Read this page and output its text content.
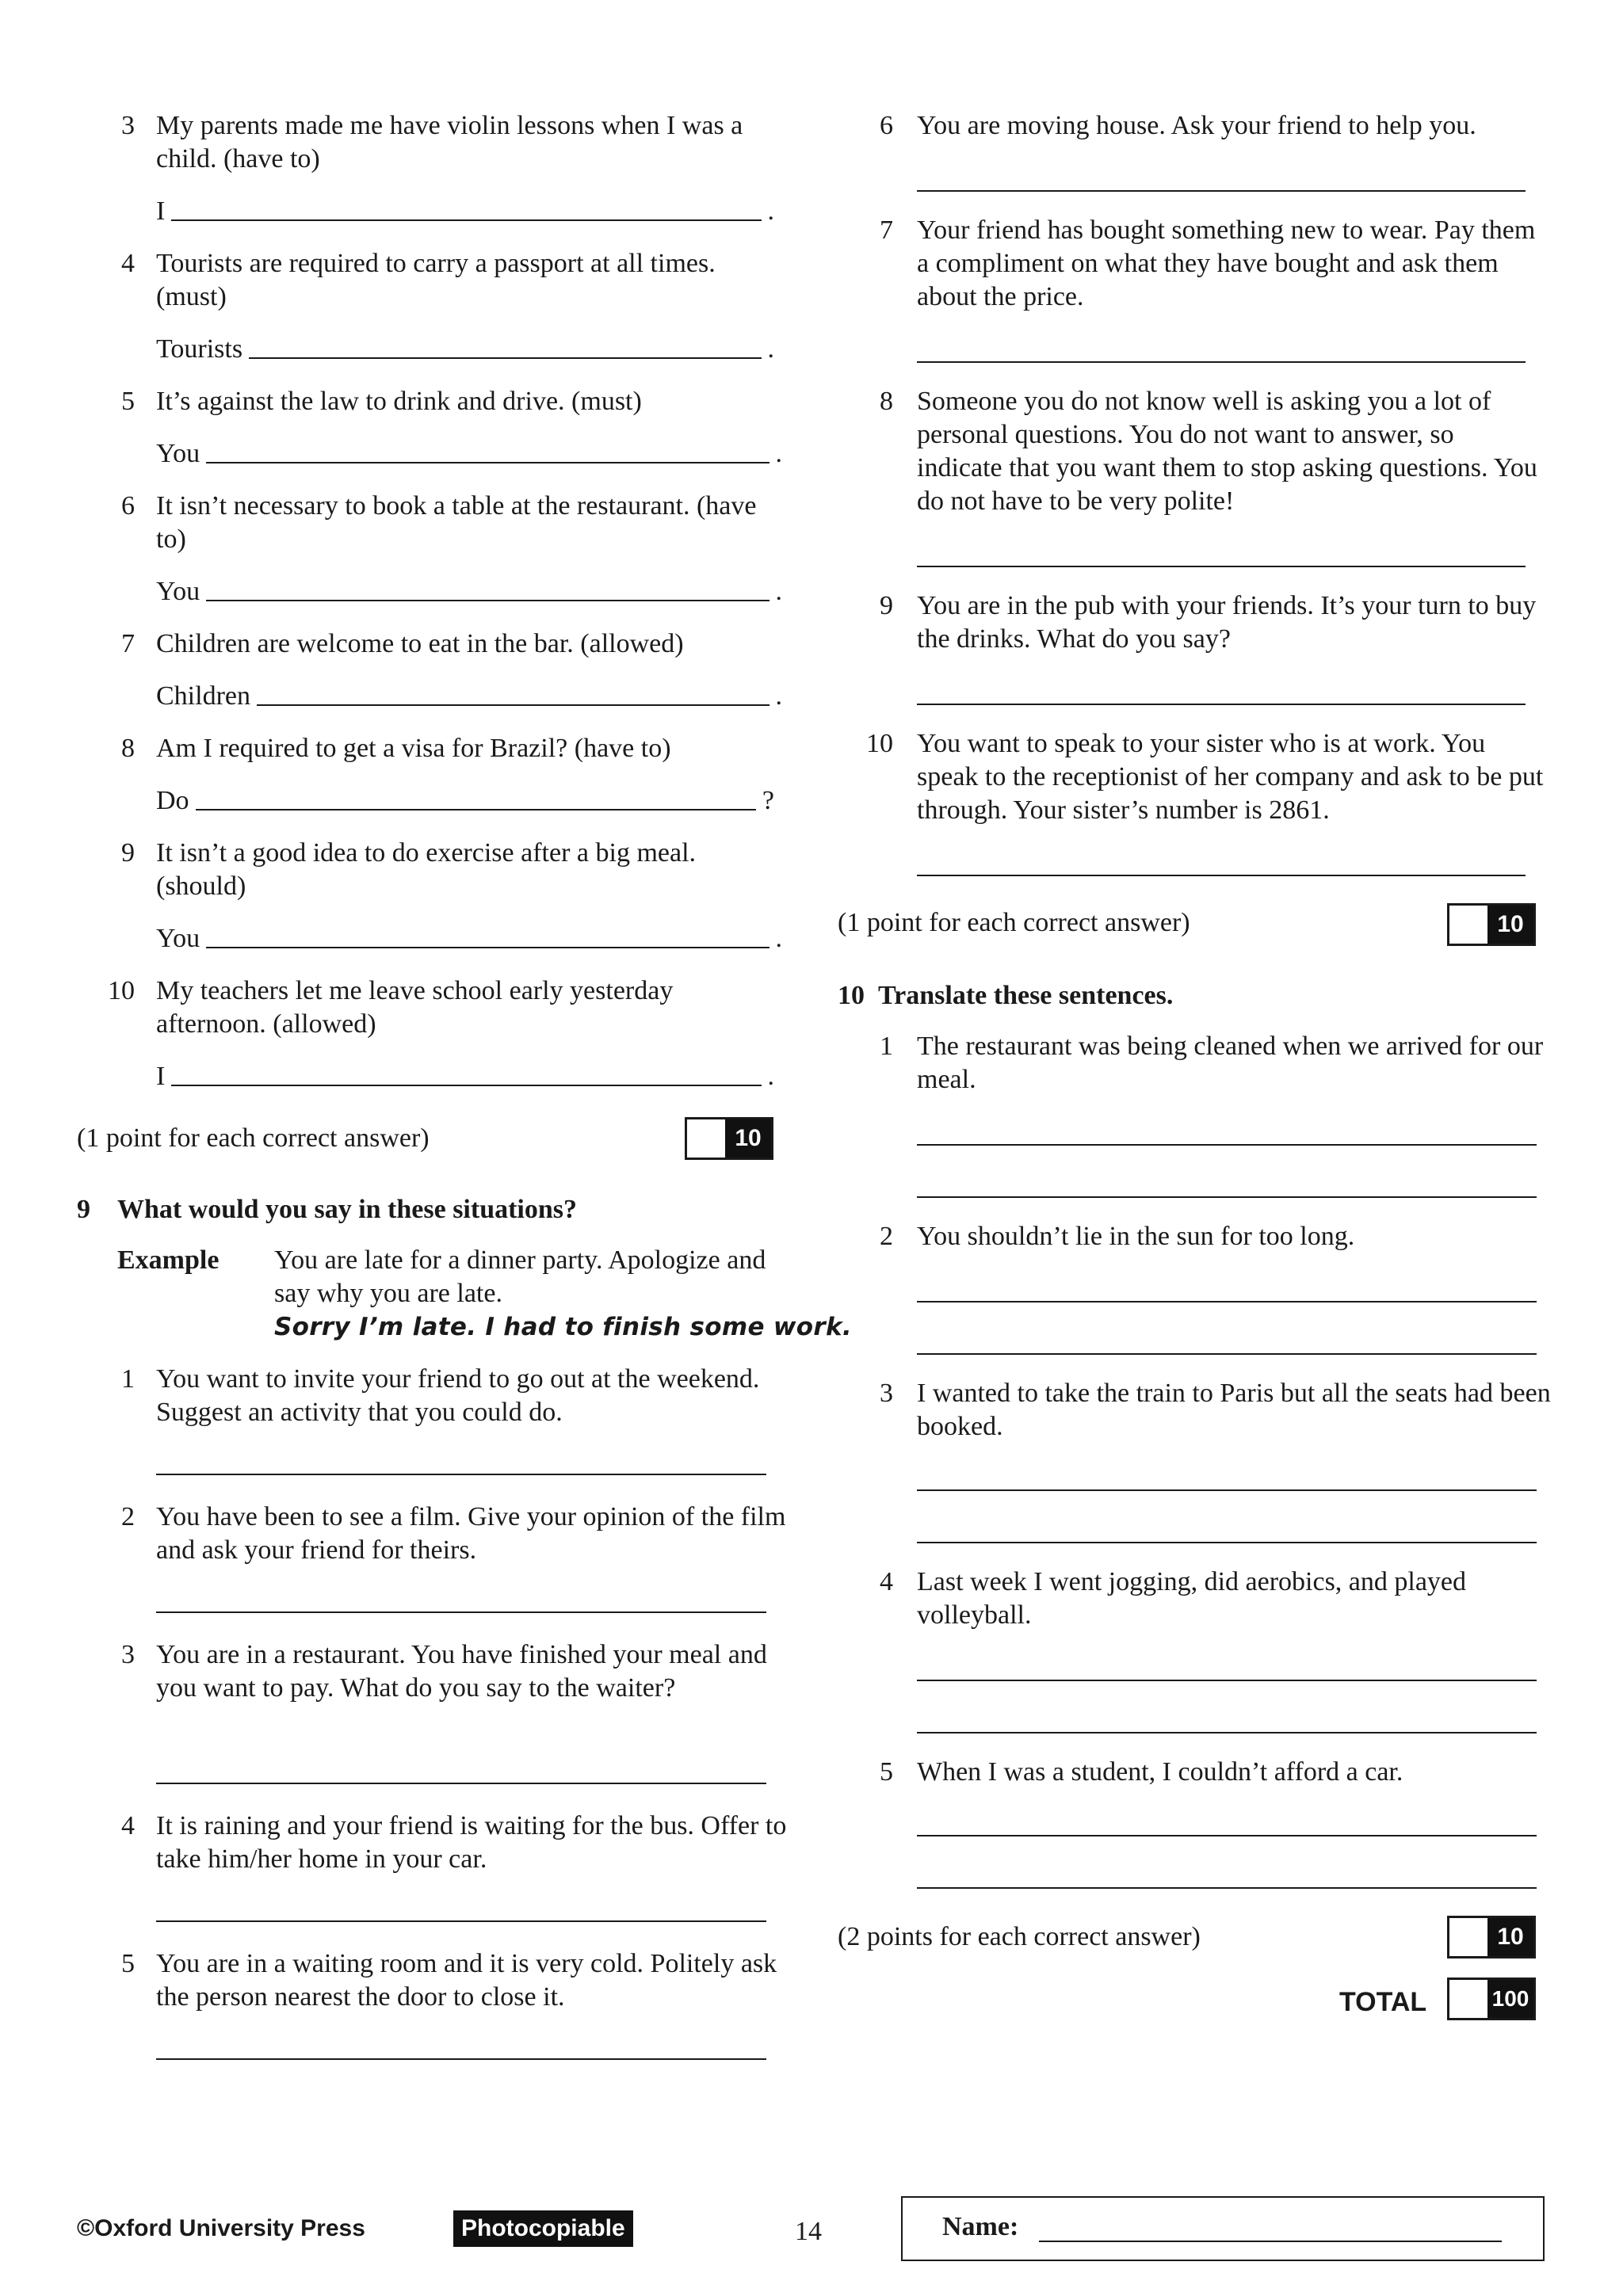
3 My parents made me have violin lessons when I was a child. (have to)
I	.
4 Tourists are required to carry a passport at all times. (must)
Tourists	.
5 It’s against the law to drink and drive. (must)
You	.
6 It isn’t necessary to book a table at the restaurant. (have to)
You	.
7 Children are welcome to eat in the bar. (allowed)
Children	.
8 Am I required to get a visa for Brazil? (have to)
Do	?
9 It isn’t a good idea to do exercise after a big meal. (should)
You	.
10 My teachers let me leave school early yesterday afternoon. (allowed)
I	.
(1 point for each correct answer)	10
9 What would you say in these situations?
Example You are late for a dinner party. Apologize and say why you are late.
Sorry I’m late. I had to finish some work.
1 You want to invite your friend to go out at the weekend. Suggest an activity that you could do.
2 You have been to see a film. Give your opinion of the film and ask your friend for theirs.
3 You are in a restaurant. You have finished your meal and you want to pay. What do you say to the waiter?
4 It is raining and your friend is waiting for the bus. Offer to take him/her home in your car.
5 You are in a waiting room and it is very cold. Politely ask the person nearest the door to close it.
6 You are moving house. Ask your friend to help you.
7 Your friend has bought something new to wear. Pay them a compliment on what they have bought and ask them about the price.
8 Someone you do not know well is asking you a lot of personal questions. You do not want to answer, so indicate that you want them to stop asking questions. You do not have to be very polite!
9 You are in the pub with your friends. It’s your turn to buy the drinks. What do you say?
10 You want to speak to your sister who is at work. You speak to the receptionist of her company and ask to be put through. Your sister’s number is 2861.
(1 point for each correct answer)	10
10 Translate these sentences.
1 The restaurant was being cleaned when we arrived for our meal.
2 You shouldn’t lie in the sun for too long.
3 I wanted to take the train to Paris but all the seats had been booked.
4 Last week I went jogging, did aerobics, and played volleyball.
5 When I was a student, I couldn’t afford a car.
(2 points for each correct answer)	10
TOTAL	100
©Oxford University Press	Photocopiable	14	Name:
